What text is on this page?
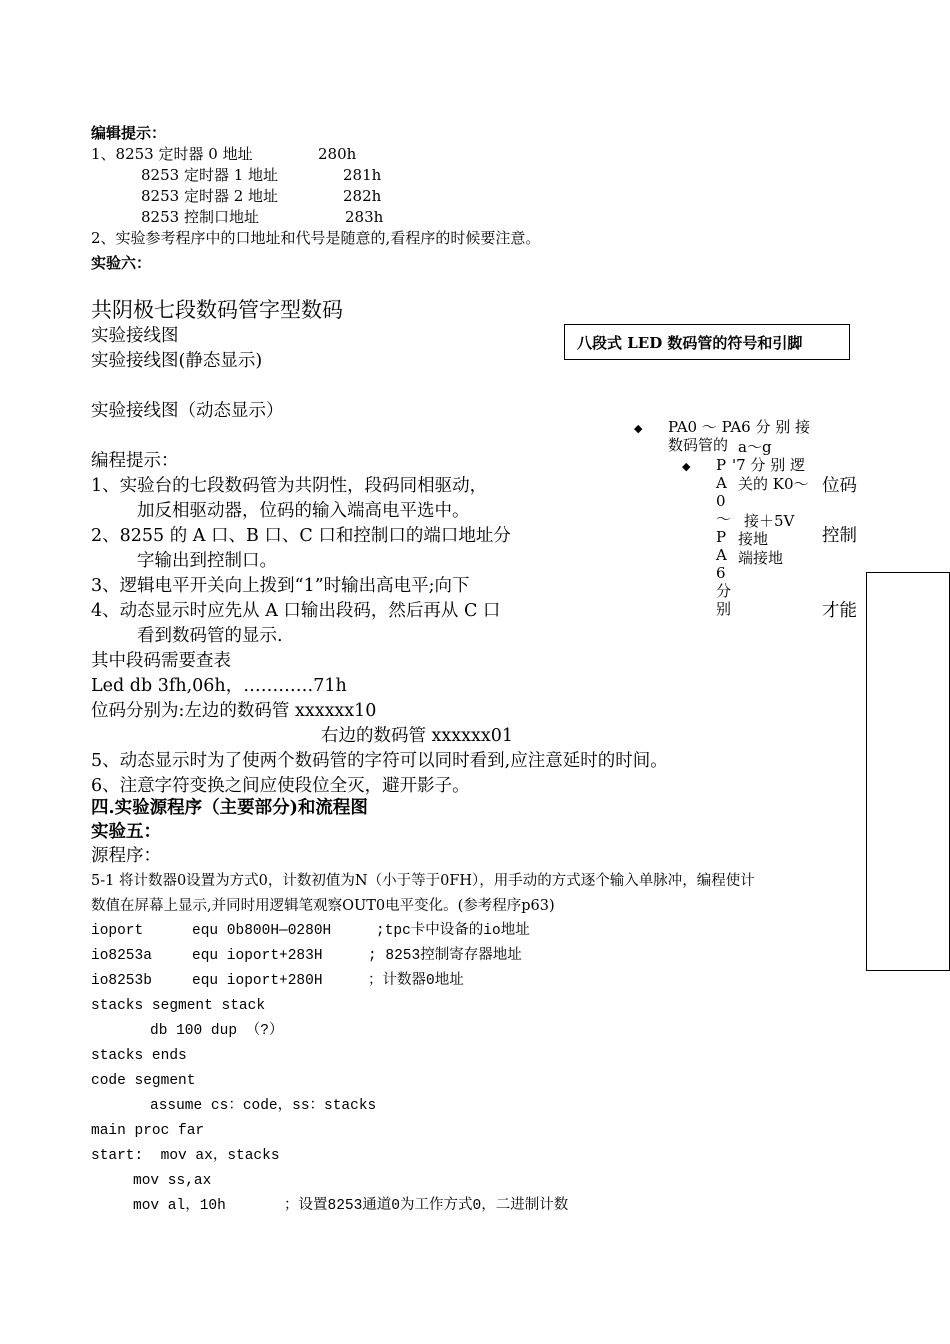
编辑提示：
1、8253 定时器 0 地址	280h
8253 定时器 1 地址	281h
8253 定时器 2 地址	282h
8253 控制口地址	283h
2、实验参考程序中的口地址和代号是随意的,看程序的时候要注意。
实验六：
共阴极七段数码管字型数码
实验接线图
实验接线图(静态显示)
实验接线图（动态显示）
八段式 LED 数码管的符号和引脚
编程提示：
1、实验台的七段数码管为共阴性，段码同相驱动，	位码
加反相驱动器，位码的输入端高电平选中。
2、8255 的 A 口、B 口、C 口和控制口的端口地址分	控制
字输出到控制口。
3、逻辑电平开关向上拨到“1”时输出高电平;向下
4、动态显示时应先从 A 口输出段码，然后再从 C 口	才能
看到数码管的显示.
其中段码需要查表
Led db 3fh,06h，…………71h
位码分别为:左边的数码管 xxxxxx10
右边的数码管 xxxxxx01
5、动态显示时为了使两个数码管的字符可以同时看到,应注意延时的时间。
6、注意字符变换之间应使段位全灭，避开影子。
◆ PA0 ～ PA6 分 别 接
数码管的 a～g
◆ P
A
0
～
P
A
6
分
别
'7 分 别 逻
关的 K0～
接＋5V
接地
端接地
四.实验源程序（主要部分)和流程图
实验五：
源程序：
5-1 将计数器0设置为方式0，计数初值为N（小于等于0FH），用手动的方式逐个输入单脉冲，编程使计
数值在屏幕上显示,并同时用逻辑笔观察OUT0电平变化。(参考程序p63)
ioport	equ 0b800H—0280H	;tpc卡中设备的io地址
io8253a	equ ioport+283H	; 8253控制寄存器地址
io8253b	equ ioport+280H	；计数器0地址
stacks segment stack
db 100 dup （?）
stacks ends
code segment
assume cs：code，ss：stacks
main proc far
start:  mov ax，stacks
mov ss,ax
mov al，10h	；设置8253通道0为工作方式0，二进制计数
